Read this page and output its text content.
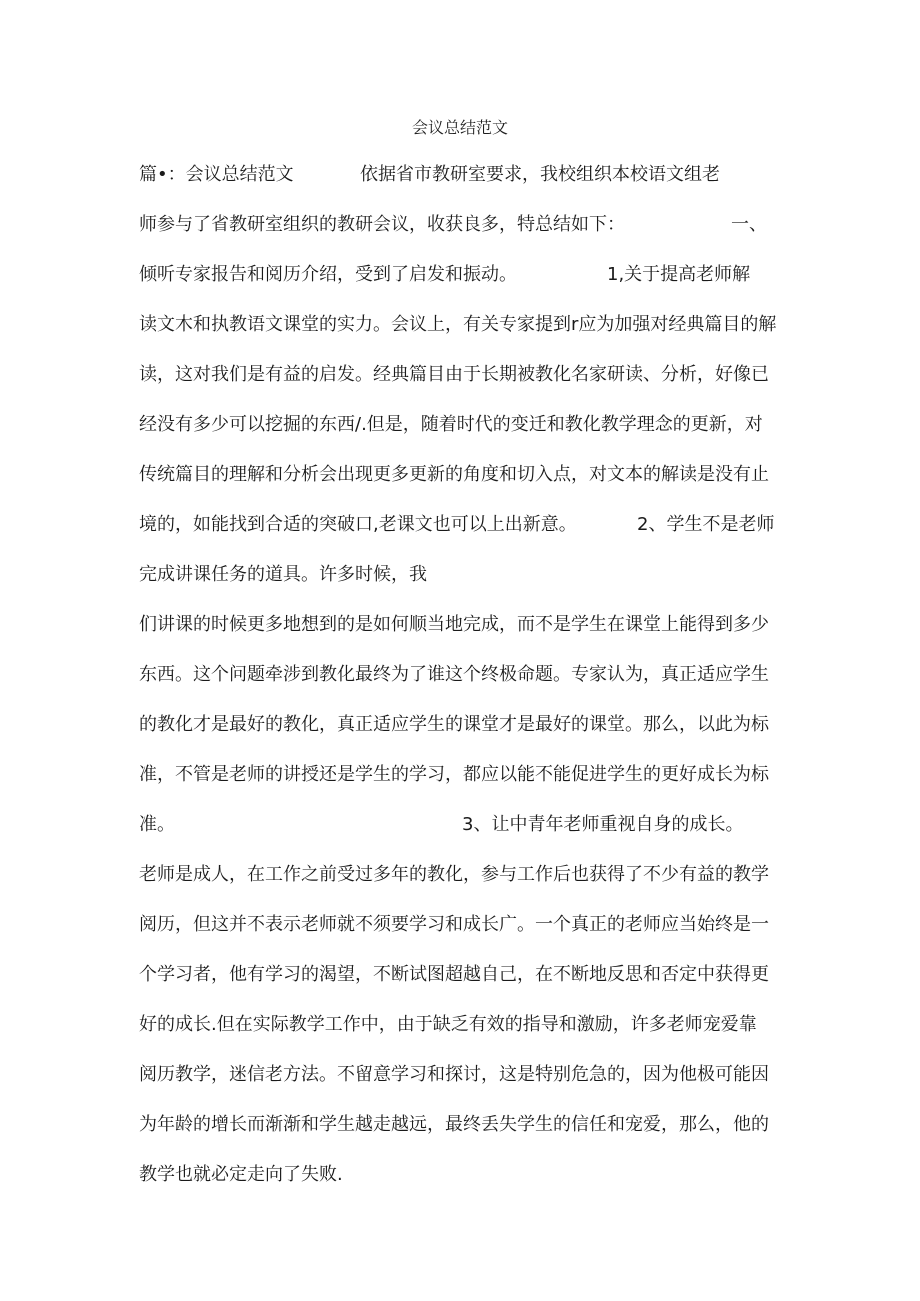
会议总结范文

篇•：会议总结范文	依据省市教研室要求，我校组织本校语文组老

师参与了省教研室组织的教研会议，收获良多，特总结如下：	一、

倾听专家报告和阅历介绍，受到了启发和振动。	1,关于提高老师解

读文木和执教语文课堂的实力。会议上，有关专家提到r应为加强对经典篇目的解

读，这对我们是有益的启发。经典篇目由于长期被教化名家研读、分析，好像已

经没有多少可以挖掘的东西/.但是，随着时代的变迁和教化教学理念的更新，对

传统篇目的理解和分析会出现更多更新的角度和切入点，对文本的解读是没有止

境的，如能找到合适的突破口,老课文也可以上出新意。	2、学生不是老师

完成讲课任务的道具。许多时候，我

们讲课的时候更多地想到的是如何顺当地完成，而不是学生在课堂上能得到多少

东西。这个问题牵涉到教化最终为了谁这个终极命题。专家认为，真正适应学生

的教化才是最好的教化，真正适应学生的课堂才是最好的课堂。那么，以此为标

准，不管是老师的讲授还是学生的学习，都应以能不能促进学生的更好成长为标

准。	3、让中青年老师重视自身的成长。

老师是成人，在工作之前受过多年的教化，参与工作后也获得了不少有益的教学

阅历，但这并不表示老师就不须要学习和成长广。一个真正的老师应当始终是一

个学习者，他有学习的渴望，不断试图超越自己，在不断地反思和否定中获得更

好的成长.但在实际教学工作中，由于缺乏有效的指导和激励，许多老师宠爱靠

阅历教学，迷信老方法。不留意学习和探讨，这是特别危急的，因为他极可能因

为年龄的增长而渐渐和学生越走越远，最终丢失学生的信任和宠爱，那么，他的

教学也就必定走向了失败.
